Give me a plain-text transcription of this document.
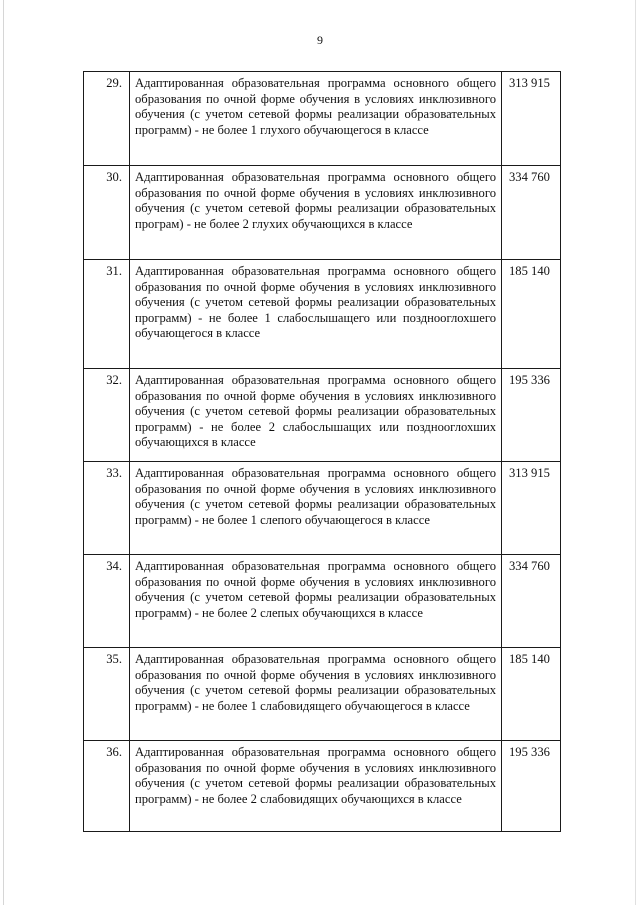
9
29.	Адаптированная образовательная программа основного общего образования по очной форме обучения в условиях инклюзивного обучения (с учетом сетевой формы реализации образовательных программ) - не более 1 глухого обучающегося в классе	313 915
30.	Адаптированная образовательная программа основного общего образования по очной форме обучения в условиях инклюзивного обучения (с учетом сетевой формы реализации образовательных програм) - не более 2 глухих обучающихся в классе	334 760
31.	Адаптированная образовательная программа основного общего образования по очной форме обучения в условиях инклюзивного обучения (с учетом сетевой формы реализации образовательных программ) - не более 1 слабослышащего или позднооглохшего обучающегося в классе	185 140
32.	Адаптированная образовательная программа основного общего образования по очной форме обучения в условиях инклюзивного обучения (с учетом сетевой формы реализации образовательных программ) - не более 2 слабослышащих или позднооглохших обучающихся в классе	195 336
33.	Адаптированная образовательная программа основного общего образования по очной форме обучения в условиях инклюзивного обучения (с учетом сетевой формы реализации образовательных программ) - не более 1 слепого обучающегося в классе	313 915
34.	Адаптированная образовательная программа основного общего образования по очной форме обучения в условиях инклюзивного обучения (с учетом сетевой формы реализации образовательных программ) - не более 2 слепых обучающихся в классе	334 760
35.	Адаптированная образовательная программа основного общего образования по очной форме обучения в условиях инклюзивного обучения (с учетом сетевой формы реализации образовательных программ) - не более 1 слабовидящего обучающегося в классе	185 140
36.	Адаптированная образовательная программа основного общего образования по очной форме обучения в условиях инклюзивного обучения (с учетом сетевой формы реализации образовательных программ) - не более 2 слабовидящих обучающихся в классе	195 336
